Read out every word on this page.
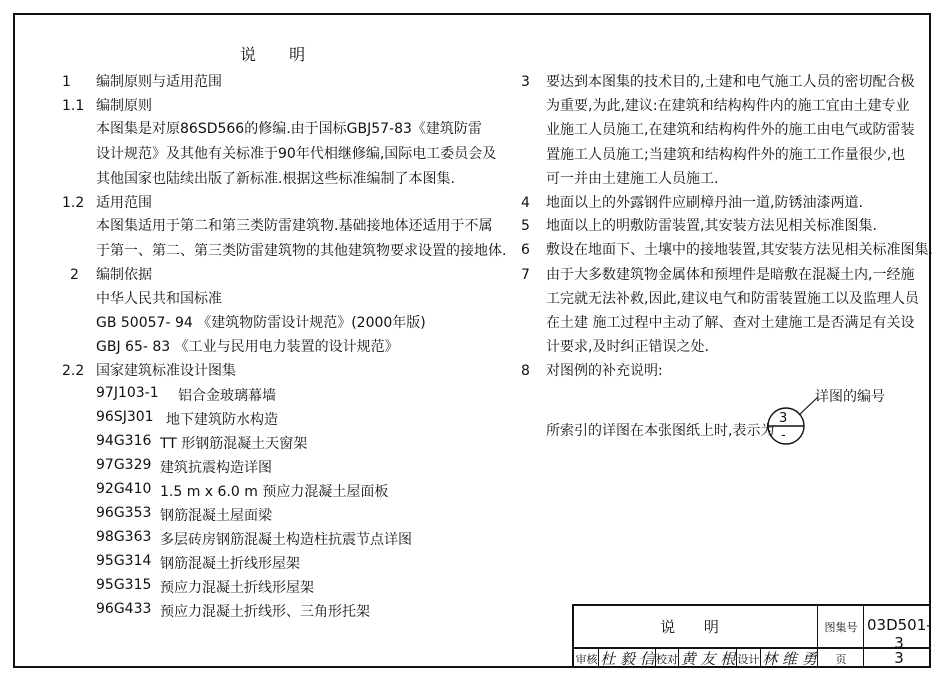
说 明
1 编制原则与适用范围
1.1 编制原则
本图集是对原86SD566的修编.由于国标GBJ57-83《建筑防雷
设计规范》及其他有关标准于90年代相继修编,国际电工委员会及
其他国家也陆续出版了新标准.根据这些标准编制了本图集.
1.2 适用范围
本图集适用于第二和第三类防雷建筑物.基础接地体还适用于不属
于第一、第二、第三类防雷建筑物的其他建筑物要求设置的接地体.
2 编制依据
中华人民共和国标准
GB 50057- 94 《建筑物防雷设计规范》(2000年版)
GBJ 65- 83 《工业与民用电力装置的设计规范》
2.2 国家建筑标准设计图集
97J103-1 铝合金玻璃幕墙
96SJ301 地下建筑防水构造
94G316 TT 形钢筋混凝土天窗架
97G329 建筑抗震构造详图
92G410 1.5 m x 6.0 m 预应力混凝土屋面板
96G353 钢筋混凝土屋面梁
98G363 多层砖房钢筋混凝土构造柱抗震节点详图
95G314 钢筋混凝土折线形屋架
95G315 预应力混凝土折线形屋架
96G433 预应力混凝土折线形、三角形托架
3 要达到本图集的技术目的,土建和电气施工人员的密切配合极
为重要,为此,建议:在建筑和结构构件内的施工宜由土建专业
业施工人员施工,在建筑和结构构件外的施工由电气或防雷装
置施工人员施工;当建筑和结构构件外的施工工作量很少,也
可一并由土建施工人员施工.
4 地面以上的外露钢件应刷樟丹油一道,防锈油漆两道.
5 地面以上的明敷防雷装置,其安装方法见相关标准图集.
6 敷设在地面下、土壤中的接地装置,其安装方法见相关标准图集.
7 由于大多数建筑物金属体和预埋件是暗敷在混凝土内,一经施
工完就无法补救,因此,建议电气和防雷装置施工以及监理人员
在土建 施工过程中主动了解、查对土建施工是否满足有关设
计要求,及时纠正错误之处.
8 对图例的补充说明:
所索引的详图在本张图纸上时,表示为
3
-
详图的编号
说 明	图集号 03D501-3
审核 杜 毅 信 校对 黄 友 根 设计 林 维 勇	页	3
